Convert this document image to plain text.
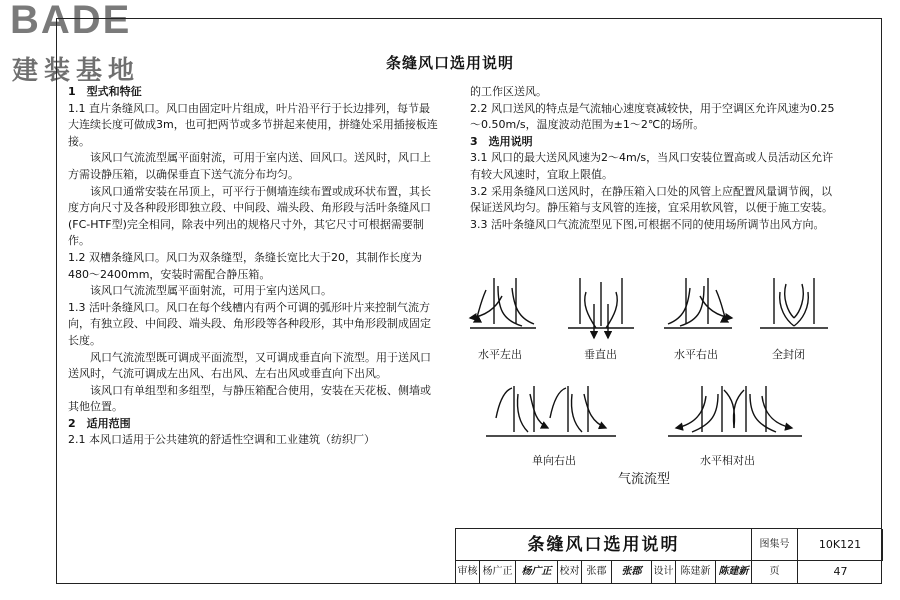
BADE
建装基地	条缝风口选用说明

1　型式和特征

1.1 直片条缝风口。风口由固定叶片组成，叶片沿平行于长边排列，每节最大连续长度可做成3m，也可把两节或多节拼起来使用，拼缝处采用插接板连接。

该风口气流流型属平面射流，可用于室内送、回风口。送风时，风口上方需设静压箱，以确保垂直下送气流分布均匀。

该风口通常安装在吊顶上，可平行于侧墙连续布置或成环状布置，其长度方向尺寸及各种段形即独立段、中间段、端头段、角形段与活叶条缝风口(FC-HTF型)完全相同，除表中列出的规格尺寸外，其它尺寸可根据需要制作。

1.2 双槽条缝风口。风口为双条缝型，条缝长宽比大于20，其制作长度为480～2400mm，安装时需配合静压箱。

该风口气流流型属平面射流，可用于室内送风口。

1.3 活叶条缝风口。风口在每个线槽内有两个可调的弧形叶片来控制气流方向，有独立段、中间段、端头段、角形段等各种段形，其中角形段制成固定长度。

风口气流流型既可调成平面流型，又可调成垂直向下流型。用于送风口送风时，气流可调成左出风、右出风、左右出风或垂直向下出风。

该风口有单组型和多组型，与静压箱配合使用，安装在天花板、侧墙或其他位置。

2　适用范围

2.1 本风口适用于公共建筑的舒适性空调和工业建筑（纺织厂）

的工作区送风。

2.2 风口送风的特点是气流轴心速度衰减较快，用于空调区允许风速为0.25～0.50m/s，温度波动范围为±1～2℃的场所。

3　选用说明

3.1 风口的最大送风风速为2～4m/s，当风口安装位置高或人员活动区允许有较大风速时，宜取上限值。

3.2 采用条缝风口送风时，在静压箱入口处的风管上应配置风量调节阀，以保证送风均匀。静压箱与支风管的连接，宜采用软风管，以便于施工安装。

3.3 活叶条缝风口气流流型见下图,可根据不同的使用场所调节出风方向。

水平左出	垂直出	水平右出	全封闭
单向右出	水平相对出
气流流型
条缝风口选用说明	图集号	10K121
审核 杨广正 杨广正 校对 张郡	张郡	设计 陈建新 陈建新	页	47
